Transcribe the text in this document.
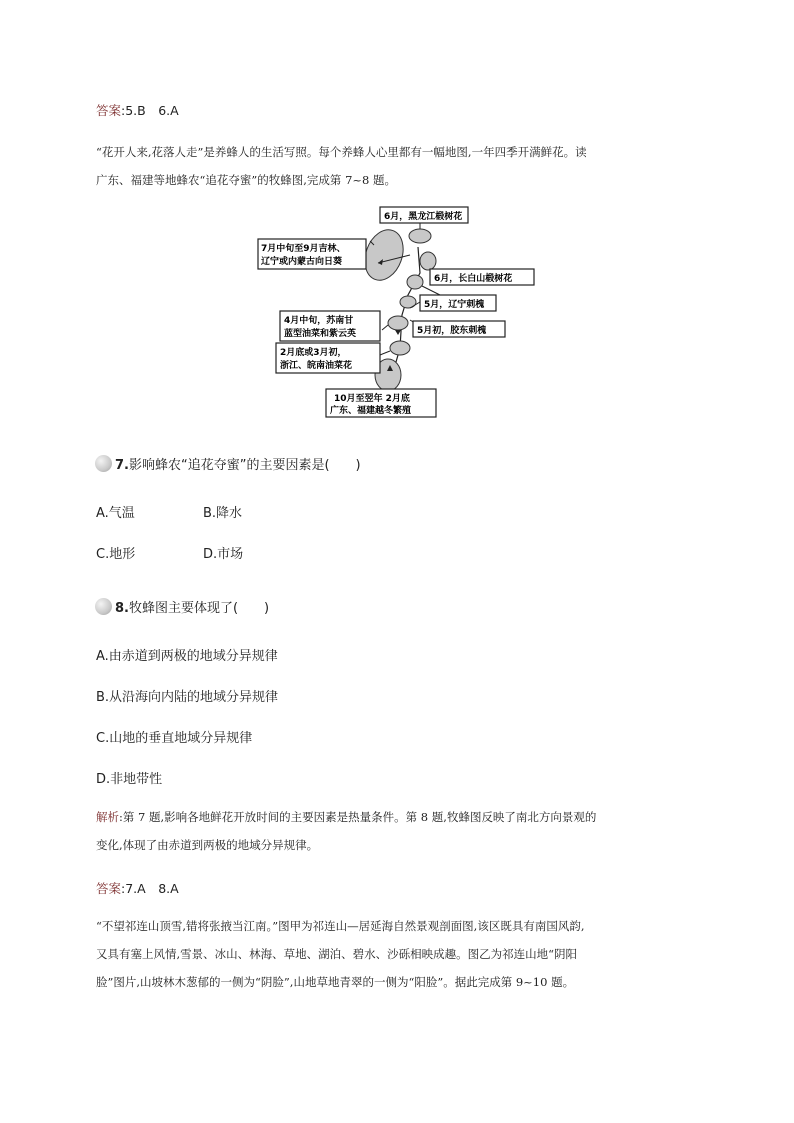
答案:5.B　6.A
“花开人来,花落人走”是养蜂人的生活写照。每个养蜂人心里都有一幅地图,一年四季开满鲜花。读
广东、福建等地蜂农“追花夺蜜”的牧蜂图,完成第 7~8 题。
6月，黑龙江椴树花
7月中旬至9月吉林、
辽宁或内蒙古向日葵
6月，长白山椴树花
5月，辽宁刺槐
4月中旬，苏南甘
蓝型油菜和紫云英	5月初，胶东刺槐
2月底或3月初，
浙江、皖南油菜花
10月至翌年 2月底
广东、福建越冬繁殖
7.影响蜂农“追花夺蜜”的主要因素是(　　)
A.气温	B.降水
C.地形	D.市场
8.牧蜂图主要体现了(　　)
A.由赤道到两极的地域分异规律
B.从沿海向内陆的地域分异规律
C.山地的垂直地域分异规律
D.非地带性
解析:第 7 题,影响各地鲜花开放时间的主要因素是热量条件。第 8 题,牧蜂图反映了南北方向景观的
变化,体现了由赤道到两极的地域分异规律。
答案:7.A　8.A
“不望祁连山顶雪,错将张掖当江南。”图甲为祁连山—居延海自然景观剖面图,该区既具有南国风韵,
又具有塞上风情,雪景、冰山、林海、草地、湖泊、碧水、沙砾相映成趣。图乙为祁连山地“阴阳
脸”图片,山坡林木葱郁的一侧为“阴脸”,山地草地青翠的一侧为“阳脸”。据此完成第 9~10 题。
